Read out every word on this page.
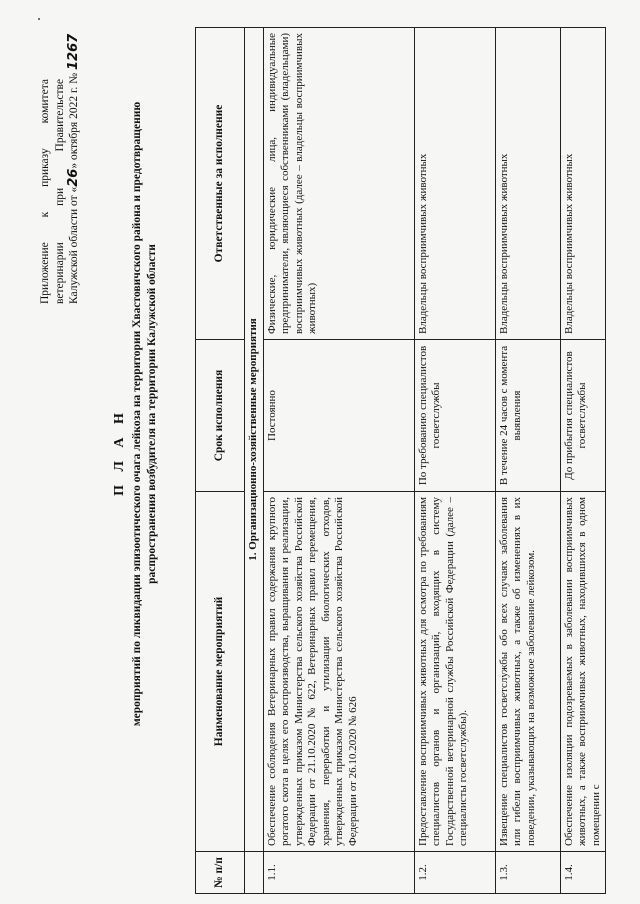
Приложение
к
приказу
комитета
ветеринарии
при
Правительстве
Калужской области от «
26
» октября 2022 г. №

1267
П Л А Н мероприятий по ликвидации эпизоотического очага лейкоза на территории Хвастовичского района и предотвращению распространения возбудителя на территории Калужской области
№ п/п	Наименование мероприятий	Срок исполнения	Ответственные за исполнение
	1. Организационно-хозяйственные мероприятия		
1.1.	Обеспечение соблюдения Ветеринарных правил содержания крупного рогатого скота в целях его воспроизводства, выращивания и реализации, утвержденных приказом Министерства сельского хозяйства Российской Федерации от 21.10.2020 № 622, Ветеринарных правил перемещения, хранения, переработки и утилизации биологических отходов, утвержденных приказом Министерства сельского хозяйства Российской Федерации от 26.10.2020 № 626	Постоянно	Физические, юридические лица, индивидуальные предприниматели, являющиеся собственниками (владельцами) восприимчивых животных (далее – владельцы восприимчивых животных)
1.2.	Предоставление восприимчивых животных для осмотра по требованиям специалистов органов и организаций, входящих в систему Государственной ветеринарной службы Российской Федерации (далее – специалисты госветслужбы).	По требованию специалистов госветслужбы	Владельцы восприимчивых животных
1.3.	Извещение специалистов госветслужбы обо всех случаях заболевания или гибели восприимчивых животных, а также об изменениях в их поведении, указывающих на возможное заболевание лейкозом.	В течение 24 часов с момента выявления	Владельцы восприимчивых животных
1.4.	Обеспечение изоляции подозреваемых в заболевании восприимчивых животных, а также восприимчивых животных, находившихся в одном помещении с	До прибытия специалистов госветслужбы	Владельцы восприимчивых животных
